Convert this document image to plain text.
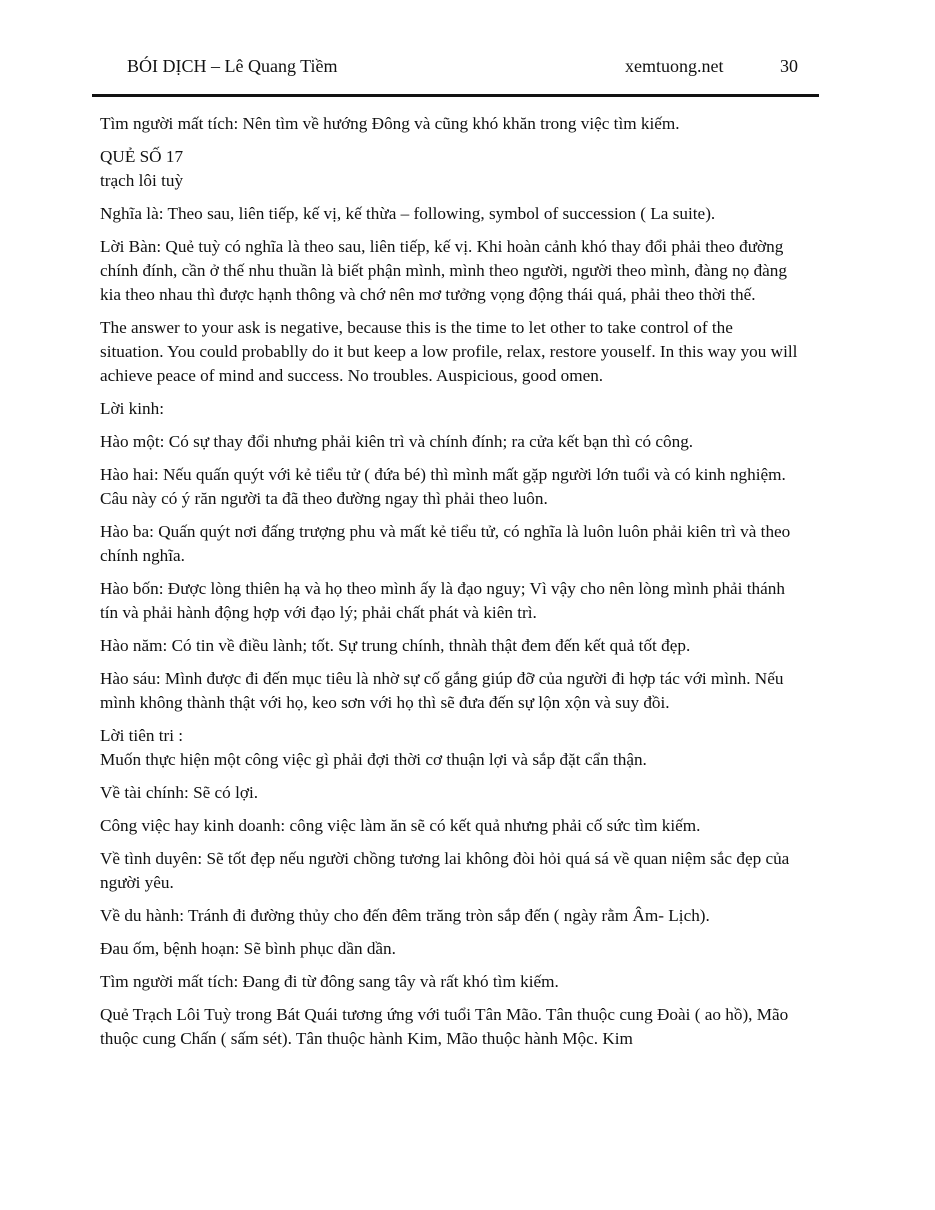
BÓI DỊCH – Lê Quang Tiềm	xemtuong.net	30

Tìm người mất tích: Nên tìm về hướng Đông và cũng khó khăn trong việc tìm kiếm.

QUẺ SỐ 17
trạch lôi tuỳ

Nghĩa là: Theo sau, liên tiếp, kế vị, kế thừa – following, symbol of succession ( La suite).

Lời Bàn: Quẻ tuỳ có nghĩa là theo sau, liên tiếp, kế vị. Khi hoàn cảnh khó thay đổi phải theo đường chính đính, cần ở thế nhu thuần là biết phận mình, mình theo người, người theo mình, đàng nọ đàng kia theo nhau thì được hạnh thông và chớ nên mơ tưởng vọng động thái quá, phải theo thời thế.

The answer to your ask is negative, because this is the time to let other to take control of the situation. You could probablly do it but keep a low profile, relax, restore youself. In this way you will achieve peace of mind and success. No troubles. Auspicious, good omen.

Lời kinh:

Hào một: Có sự thay đổi nhưng phải kiên trì và chính đính; ra cửa kết bạn thì có công.

Hào hai: Nếu quấn quýt với kẻ tiểu tử ( đứa bé) thì mình mất gặp người lớn tuổi và có kinh nghiệm. Câu này có ý răn người ta đã theo đường ngay thì phải theo luôn.

Hào ba: Quấn quýt nơi đấng trượng phu và mất kẻ tiểu tử, có nghĩa là luôn luôn phải kiên trì và theo chính nghĩa.

Hào bốn: Được lòng thiên hạ và họ theo mình ấy là đạo nguy; Vì vậy cho nên lòng mình phải thánh tín và phải hành động hợp với đạo lý; phải chất phát và kiên trì.

Hào năm: Có tin về điều lành; tốt. Sự trung chính, thnàh thật đem đến kết quả tốt đẹp.

Hào sáu: Mình được đi đến mục tiêu là nhờ sự cố gắng giúp đỡ của người đi hợp tác với mình. Nếu mình không thành thật với họ, keo sơn với họ thì sẽ đưa đến sự lộn xộn và suy đồi.

Lời tiên tri :
Muốn thực hiện một công việc gì phải đợi thời cơ thuận lợi và sắp đặt cẩn thận.

Về tài chính: Sẽ có lợi.

Công việc hay kinh doanh: công việc làm ăn sẽ có kết quả nhưng phải cố sức tìm kiếm.

Về tình duyên: Sẽ tốt đẹp nếu người chồng tương lai không đòi hỏi quá sá về quan niệm sắc đẹp của người yêu.

Về du hành: Tránh đi đường thủy cho đến đêm trăng tròn sắp đến ( ngày rằm Âm- Lịch).

Đau ốm, bệnh hoạn: Sẽ bình phục dần dần.

Tìm người mất tích: Đang đi từ đông sang tây và rất khó tìm kiếm.

Quẻ Trạch Lôi Tuỳ trong Bát Quái tương ứng với tuổi Tân Mão. Tân thuộc cung Đoài ( ao hồ), Mão thuộc cung Chấn ( sấm sét). Tân thuộc hành Kim, Mão thuộc hành Mộc. Kim
